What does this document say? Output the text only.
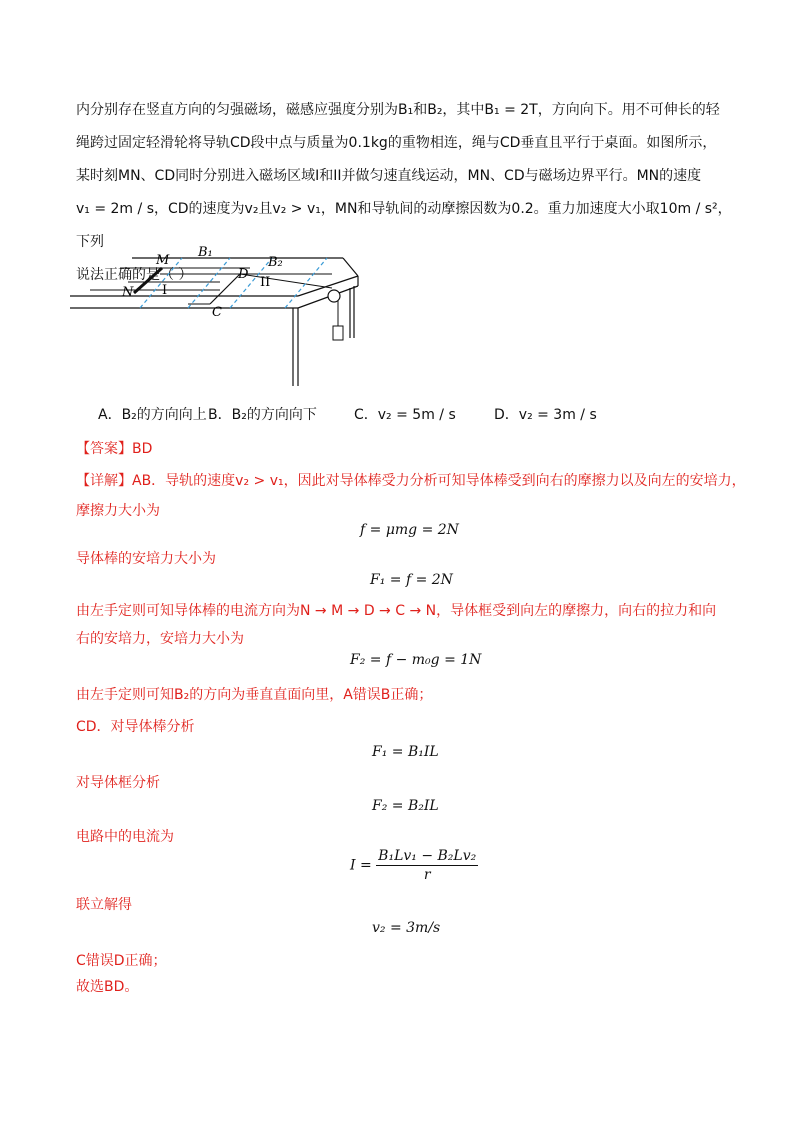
内分别存在竖直方向的匀强磁场，磁感应强度分别为B₁和B₂，其中B₁ = 2T，方向向下。用不可伸长的轻

绳跨过固定轻滑轮将导轨CD段中点与质量为0.1kg的重物相连，绳与CD垂直且平行于桌面。如图所示，

某时刻MN、CD同时分别进入磁场区域I和II并做匀速直线运动，MN、CD与磁场边界平行。MN的速度

v₁ = 2m / s，CD的速度为v₂且v₂ > v₁，MN和导轨间的动摩擦因数为0.2。重力加速度大小取10m / s²，下列

说法正确的是（ ）

M
N
C
D
B₁
B₂
I
II
A．B₂的方向向上 B．B₂的方向向下	C．v₂ = 5m / s	D．v₂ = 3m / s
【答案】BD
【详解】AB．导轨的速度v₂ > v₁，因此对导体棒受力分析可知导体棒受到向右的摩擦力以及向左的安培力，
摩擦力大小为
f = μmg = 2N
导体棒的安培力大小为
F₁ = f = 2N
由左手定则可知导体棒的电流方向为N → M → D → C → N，导体框受到向左的摩擦力，向右的拉力和向
右的安培力，安培力大小为
F₂ = f − m₀g = 1N
由左手定则可知B₂的方向为垂直直面向里，A错误B正确；
CD．对导体棒分析
F₁ = B₁IL
对导体框分析
F₂ = B₂IL
电路中的电流为
$I = \frac{\text{B₁Lv₁ − B₂Lv₂}}{r}$
联立解得
v₂ = 3m/s
C错误D正确；
故选BD。
